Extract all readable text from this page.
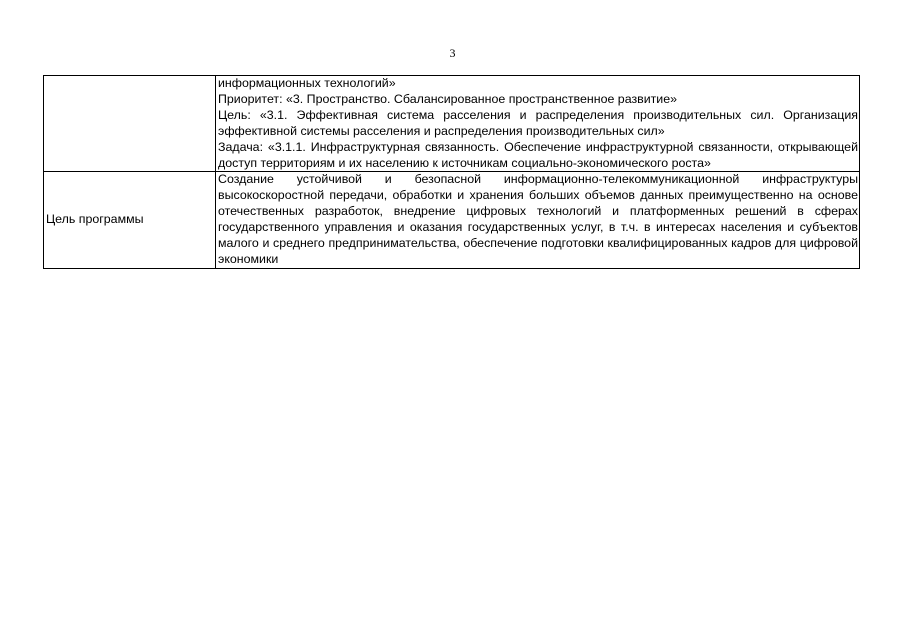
3

	информационных технологий»
Приоритет: «3. Пространство. Сбалансированное пространственное развитие»
Цель: «3.1. Эффективная система расселения и распределения производительных сил. Организация эффективной системы расселения и распределения производительных сил»
Задача: «3.1.1. Инфраструктурная связанность. Обеспечение инфраструктурной связанности, открывающей доступ территориям и их населению к источникам социально-экономического роста»

Цель программы	Создание устойчивой и безопасной информационно-телекоммуникационной инфраструктуры высокоскоростной передачи, обработки и хранения больших объемов данных преимущественно на основе отечественных разработок, внедрение цифровых технологий и платформенных решений в сферах государственного управления и оказания государственных услуг, в т.ч. в интересах населения и субъектов малого и среднего предпринимательства, обеспечение подготовки квалифицированных кадров для цифровой экономики
